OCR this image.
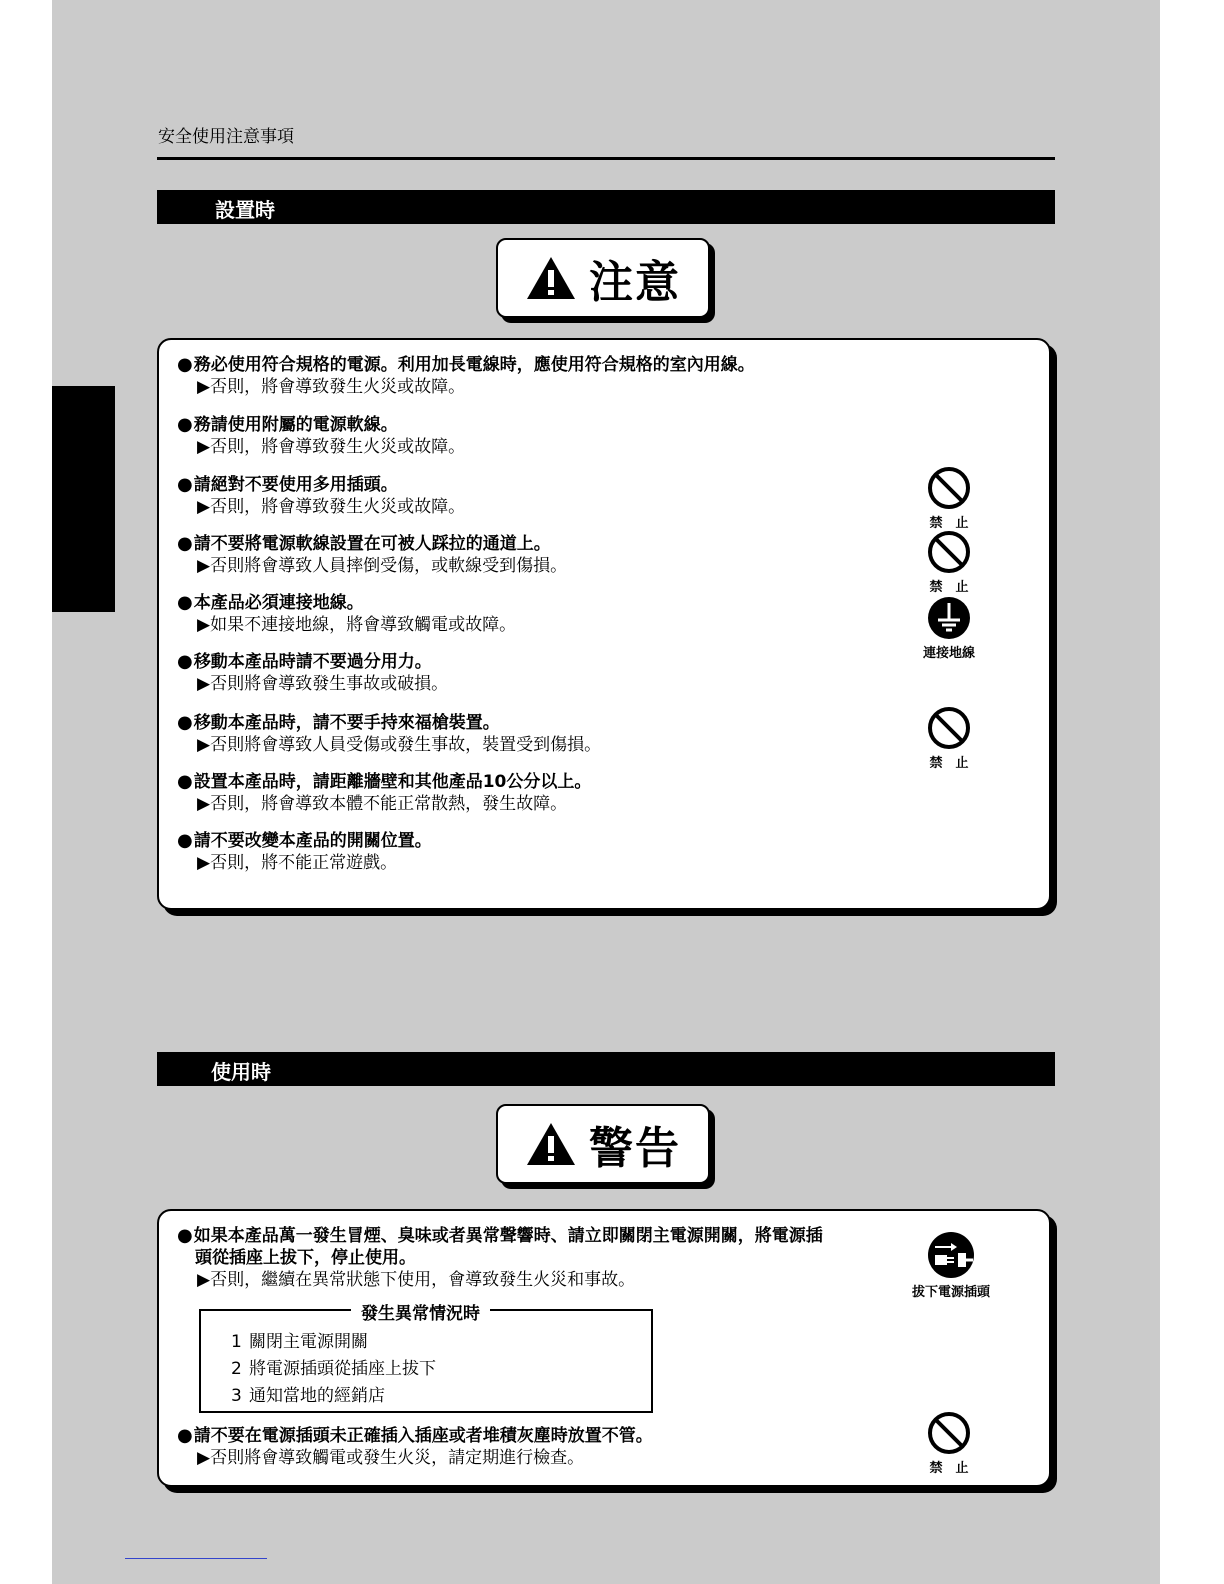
安全使用注意事項
設置時
注意
●務必使用符合規格的電源。利用加長電線時，應使用符合規格的室內用線。
▶否則，將會導致發生火災或故障。
●務請使用附屬的電源軟線。
▶否則，將會導致發生火災或故障。
●請絕對不要使用多用插頭。
▶否則，將會導致發生火災或故障。
●請不要將電源軟線設置在可被人踩拉的通道上。
▶否則將會導致人員摔倒受傷，或軟線受到傷損。
●本產品必須連接地線。
▶如果不連接地線，將會導致觸電或故障。
●移動本產品時請不要過分用力。
▶否則將會導致發生事故或破損。
●移動本產品時，請不要手持來福槍裝置。
▶否則將會導致人員受傷或發生事故，裝置受到傷損。
●設置本產品時，請距離牆壁和其他產品10公分以上。
▶否則，將會導致本體不能正常散熱，發生故障。
●請不要改變本產品的開關位置。
▶否則，將不能正常遊戲。
禁　止
禁　止
連接地線
禁　止
使用時
警告
●如果本產品萬一發生冒煙、臭味或者異常聲響時、請立即關閉主電源開關，將電源插
頭從插座上拔下，停止使用。
▶否則，繼續在異常狀態下使用，會導致發生火災和事故。
發生異常情況時
1 關閉主電源開關
2 將電源插頭從插座上拔下
3 通知當地的經銷店
●請不要在電源插頭未正確插入插座或者堆積灰塵時放置不管。
▶否則將會導致觸電或發生火災，請定期進行檢查。
拔下電源插頭
禁　止
